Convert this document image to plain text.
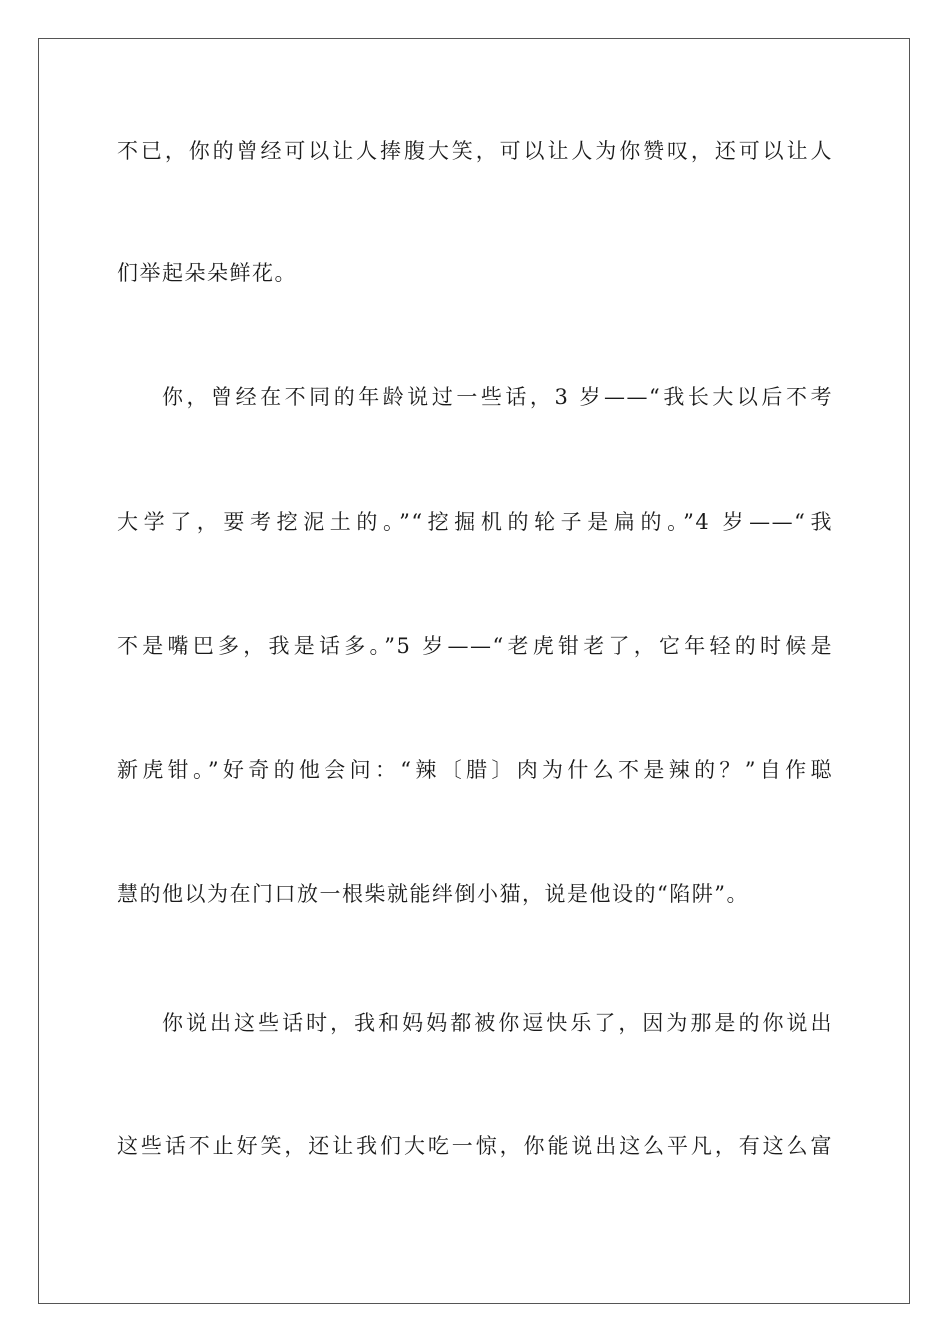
不已，你的曾经可以让人捧腹大笑，可以让人为你赞叹，还可以让人
们举起朵朵鲜花。
你，曾经在不同的年龄说过一些话，3 岁——“我长大以后不考
大学了，要考挖泥土的。”“挖掘机的轮子是扁的。”4 岁——“我
不是嘴巴多，我是话多。”5 岁——“老虎钳老了，它年轻的时候是
新虎钳。”好奇的他会问：“辣〔腊〕肉为什么不是辣的？”自作聪
慧的他以为在门口放一根柴就能绊倒小猫，说是他设的“陷阱”。
你说出这些话时，我和妈妈都被你逗快乐了，因为那是的你说出
这些话不止好笑，还让我们大吃一惊，你能说出这么平凡，有这么富
